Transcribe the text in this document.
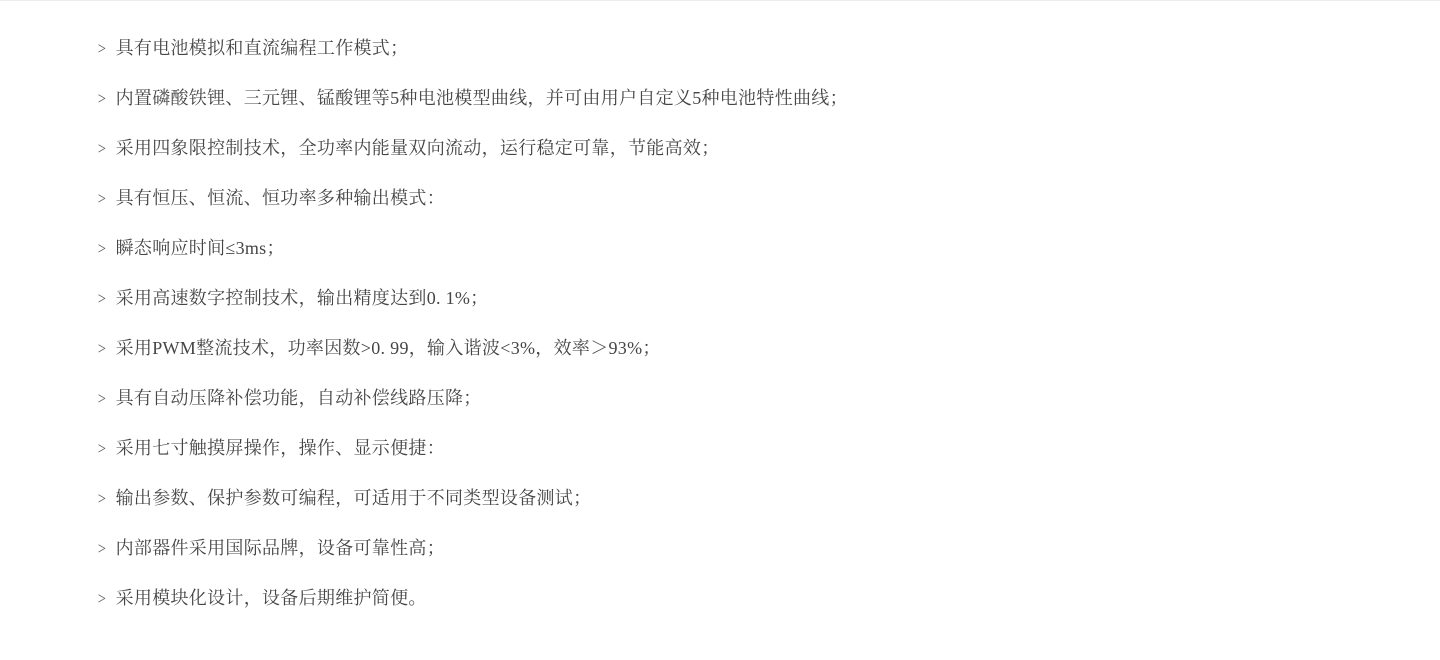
> 具有电池模拟和直流编程工作模式；
> 内置磷酸铁锂、三元锂、锰酸锂等5种电池模型曲线，并可由用户自定义5种电池特性曲线；
> 采用四象限控制技术，全功率内能量双向流动，运行稳定可靠，节能高效；
> 具有恒压、恒流、恒功率多种输出模式：
> 瞬态响应时间≤3ms；
> 采用高速数字控制技术，输出精度达到0. 1%；
> 采用PWM整流技术，功率因数>0. 99，输入谐波<3%，效率＞93%；
> 具有自动压降补偿功能，自动补偿线路压降；
> 采用七寸触摸屏操作，操作、显示便捷：
> 输出参数、保护参数可编程，可适用于不同类型设备测试；
> 内部器件采用国际品牌，设备可靠性高；
> 采用模块化设计，设备后期维护简便。
